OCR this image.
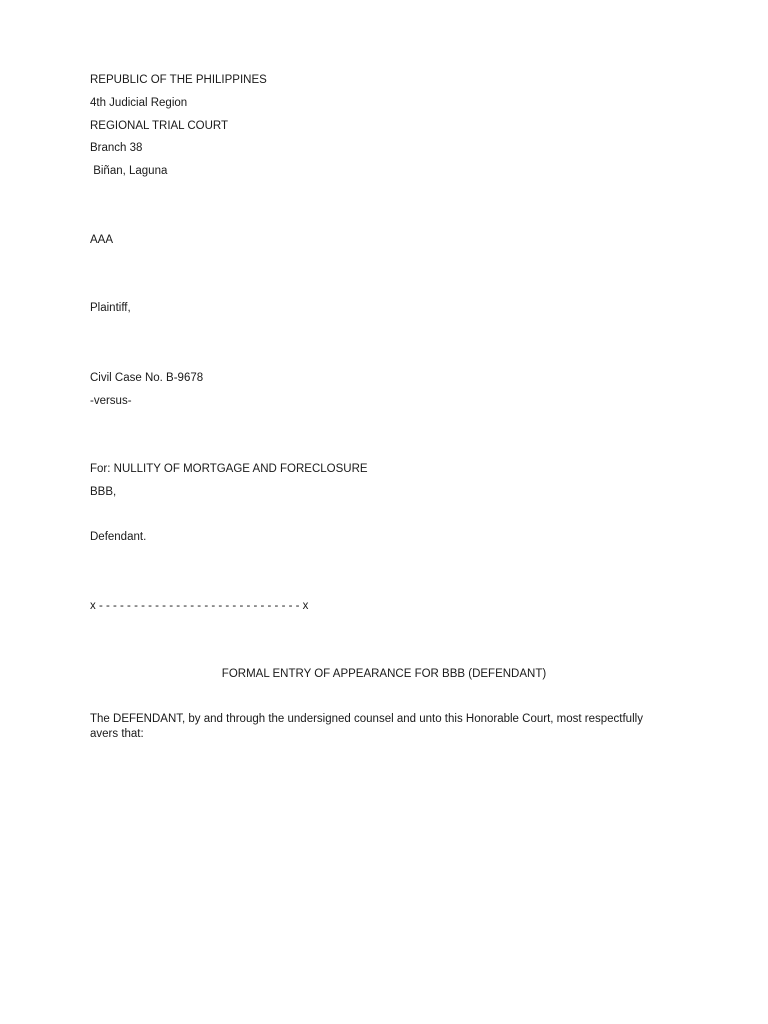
REPUBLIC OF THE PHILIPPINES

4th Judicial Region

REGIONAL TRIAL COURT

Branch 38

Biñan, Laguna

AAA

Plaintiff,

Civil Case No. B-9678

-versus-

For: NULLITY OF MORTGAGE AND FORECLOSURE

BBB,

Defendant.

x - - - - - - - - - - - - - - - - - - - - - - - - - - - - - x

FORMAL ENTRY OF APPEARANCE FOR BBB (DEFENDANT)

The DEFENDANT, by and through the undersigned counsel and unto this Honorable Court, most respectfully avers that:
